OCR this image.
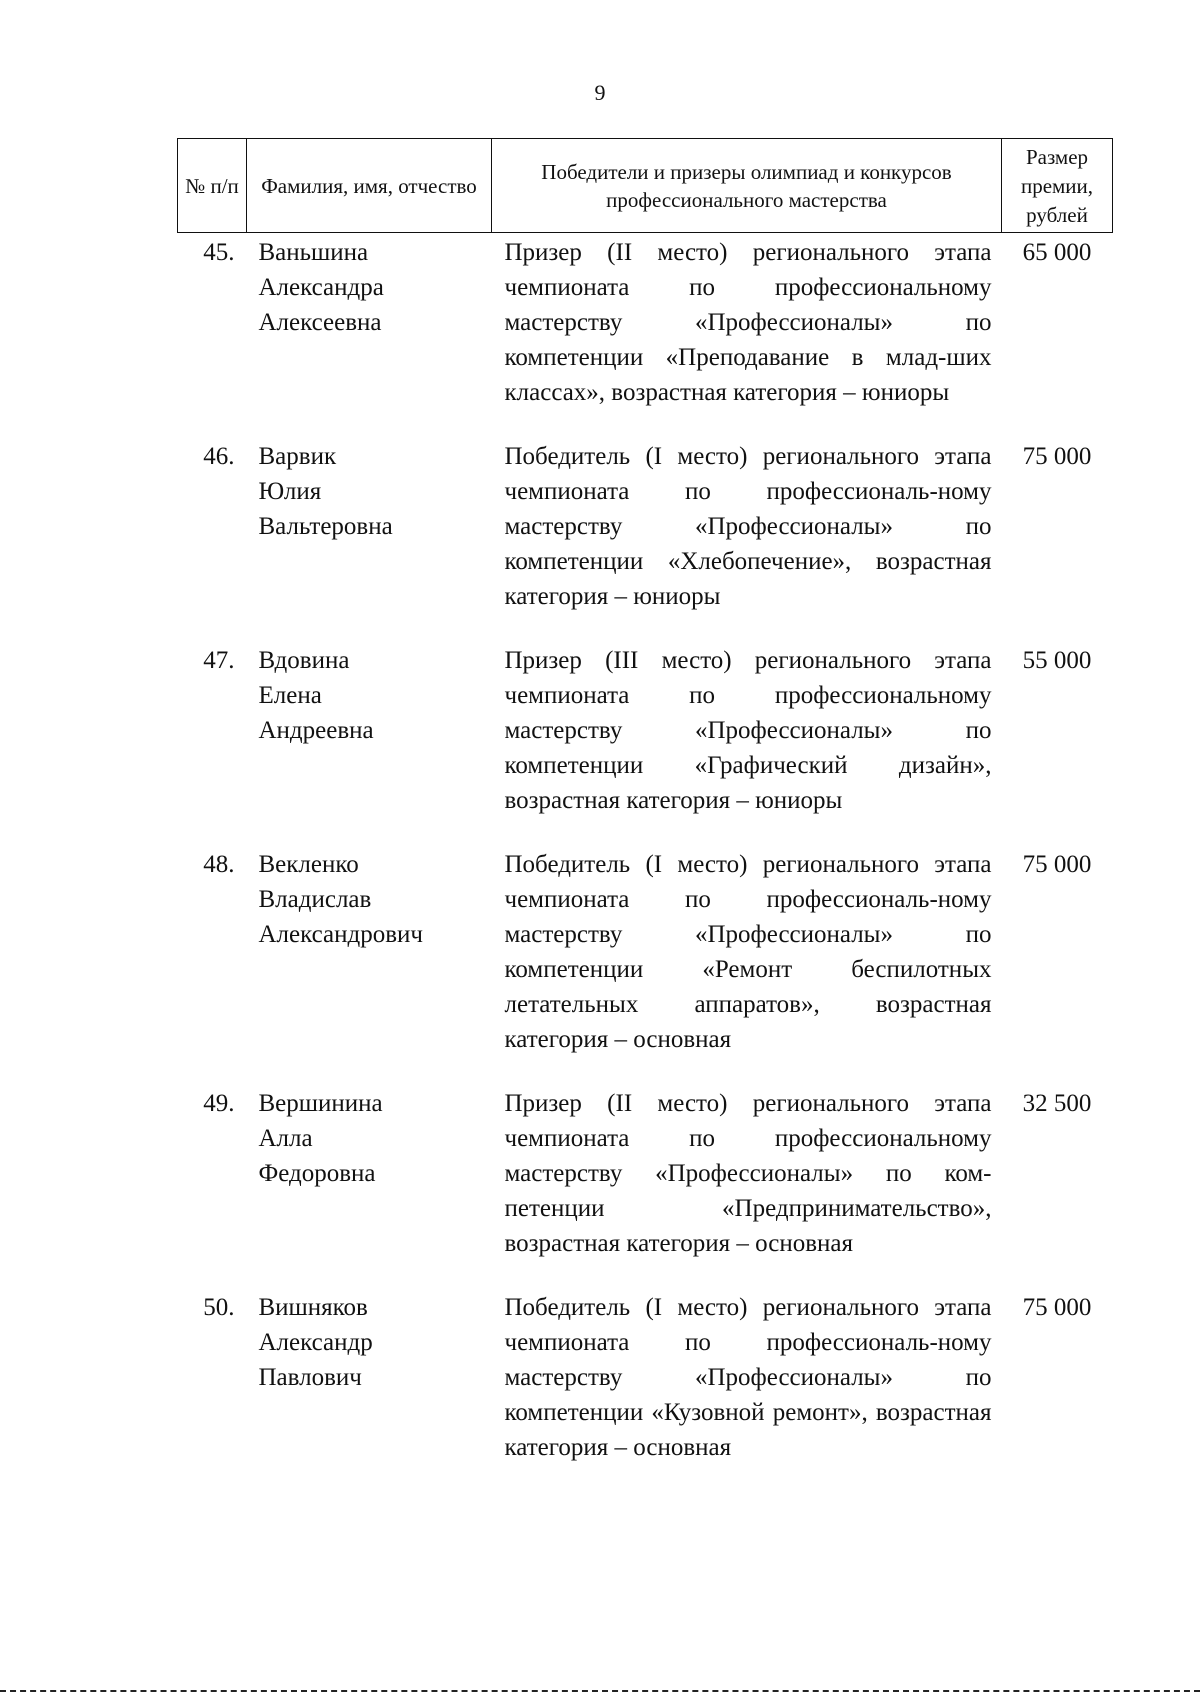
9
№ п/п	Фамилия, имя, отчество	Победители и призеры олимпиад и конкурсов профессионального мастерства	Размер премии, рублей
45.	Ваньшина
Александра
Алексеевна	Призер (II место) регионального этапа чемпионата по профессиональному мастерству «Профессионалы» по компетенции «Преподавание в млад-ших классах», возрастная категория – юниоры	65 000
46.	Варвик
Юлия
Вальтеровна	Победитель (I место) регионального этапа чемпионата по профессиональ-ному мастерству «Профессионалы» по компетенции «Хлебопечение», возрастная категория – юниоры	75 000
47.	Вдовина
Елена
Андреевна	Призер (III место) регионального этапа чемпионата по профессиональному мастерству «Профессионалы» по компетенции «Графический дизайн», возрастная категория – юниоры	55 000
48.	Векленко
Владислав
Александрович	Победитель (I место) регионального этапа чемпионата по профессиональ-ному мастерству «Профессионалы» по компетенции «Ремонт беспилотных летательных аппаратов», возрастная категория – основная	75 000
49.	Вершинина
Алла
Федоровна	Призер (II место) регионального этапа чемпионата по профессиональному мастерству «Профессионалы» по ком-петенции «Предпринимательство», возрастная категория – основная	32 500
50.	Вишняков
Александр
Павлович	Победитель (I место) регионального этапа чемпионата по профессиональ-ному мастерству «Профессионалы» по компетенции «Кузовной ремонт», возрастная категория – основная	75 000
